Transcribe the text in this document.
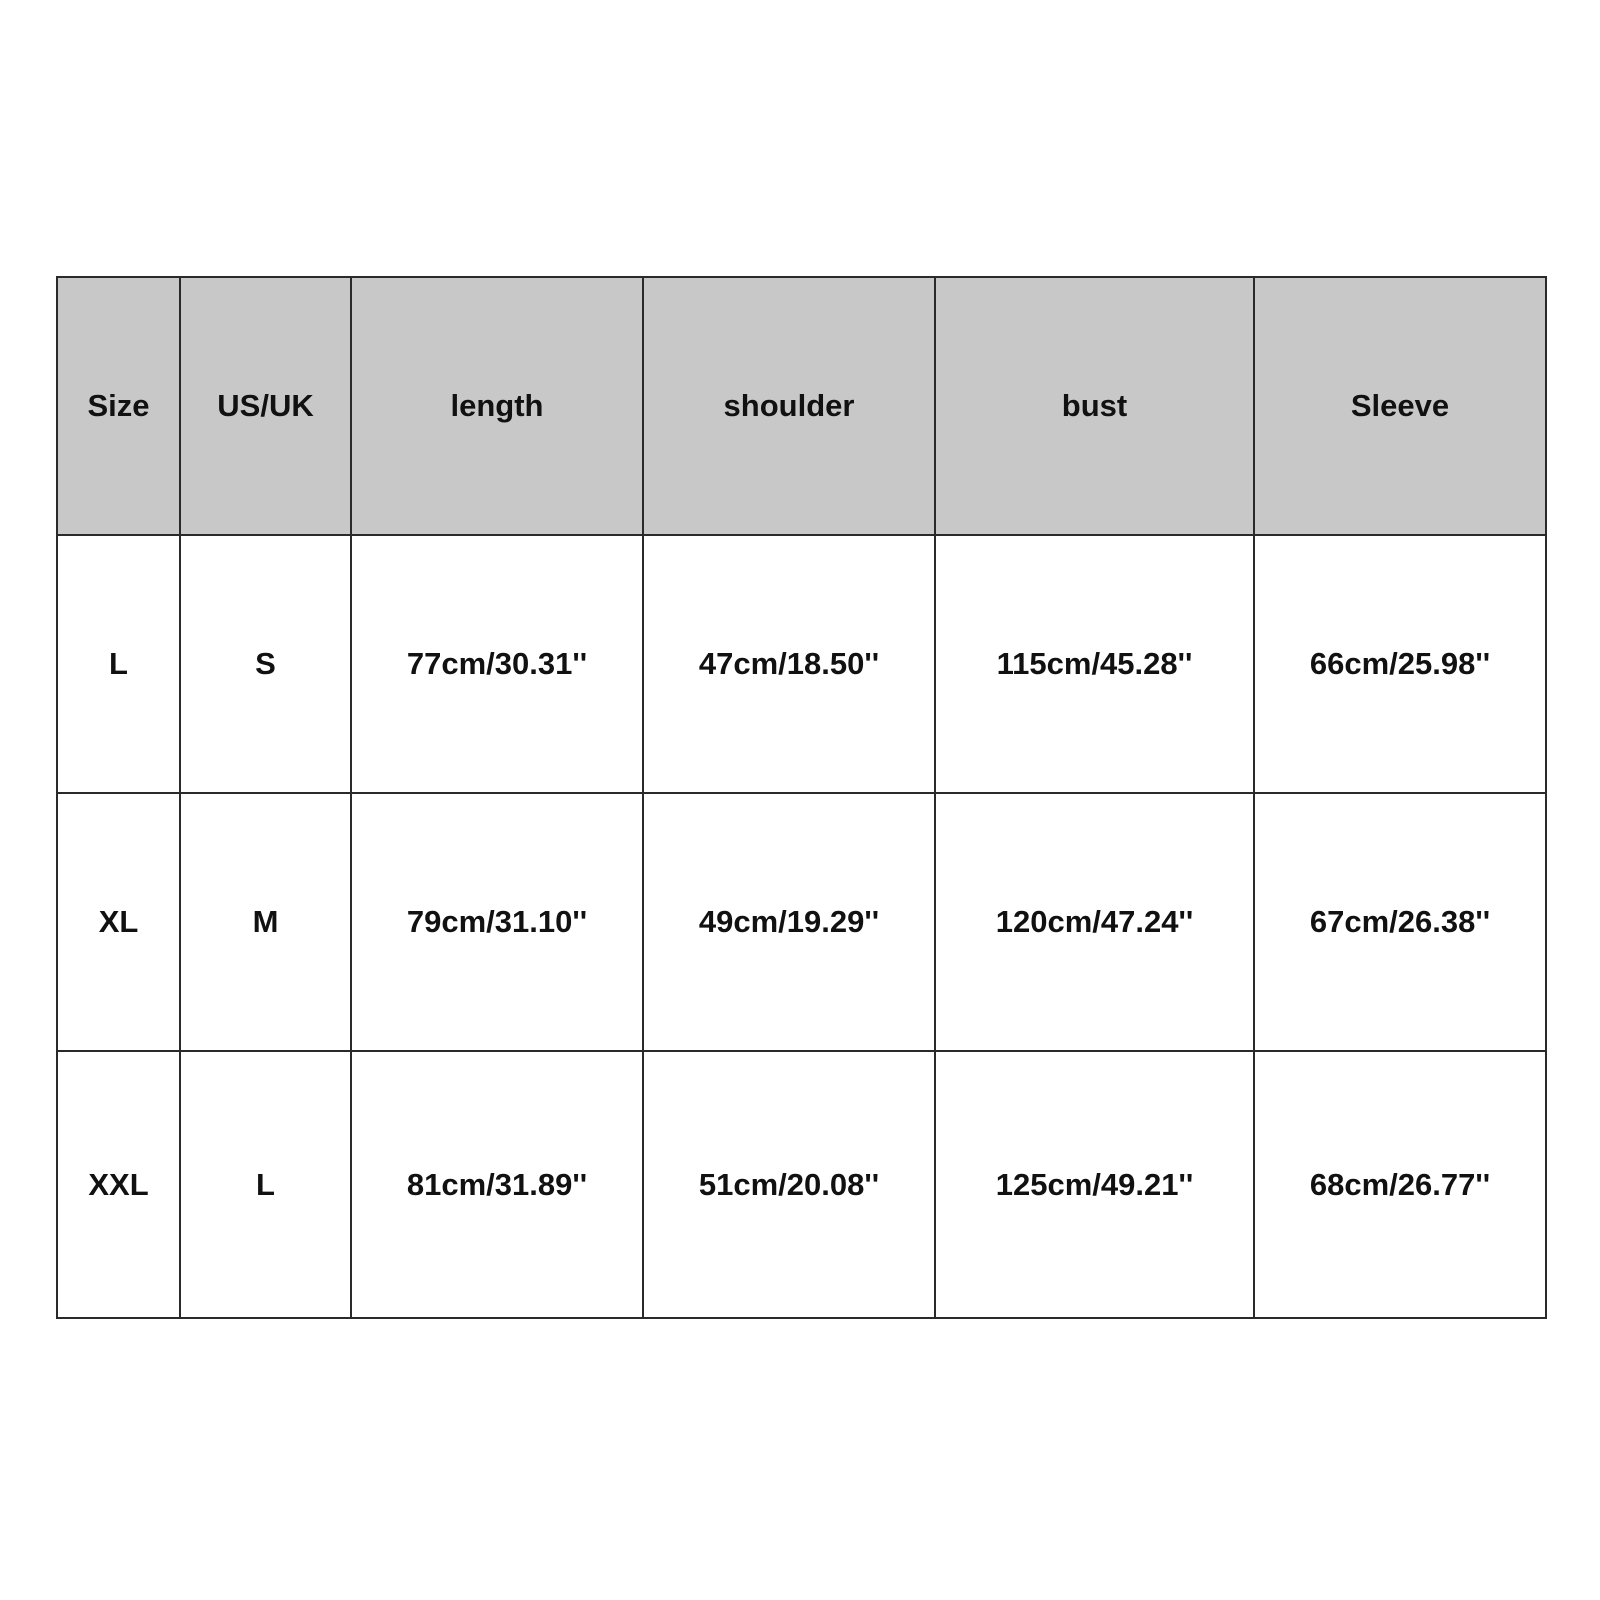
Size	US/UK	length	shoulder	bust	Sleeve
L	S	77cm/30.31''	47cm/18.50''	115cm/45.28''	66cm/25.98''
XL	M	79cm/31.10''	49cm/19.29''	120cm/47.24''	67cm/26.38''
XXL	L	81cm/31.89''	51cm/20.08''	125cm/49.21''	68cm/26.77''
